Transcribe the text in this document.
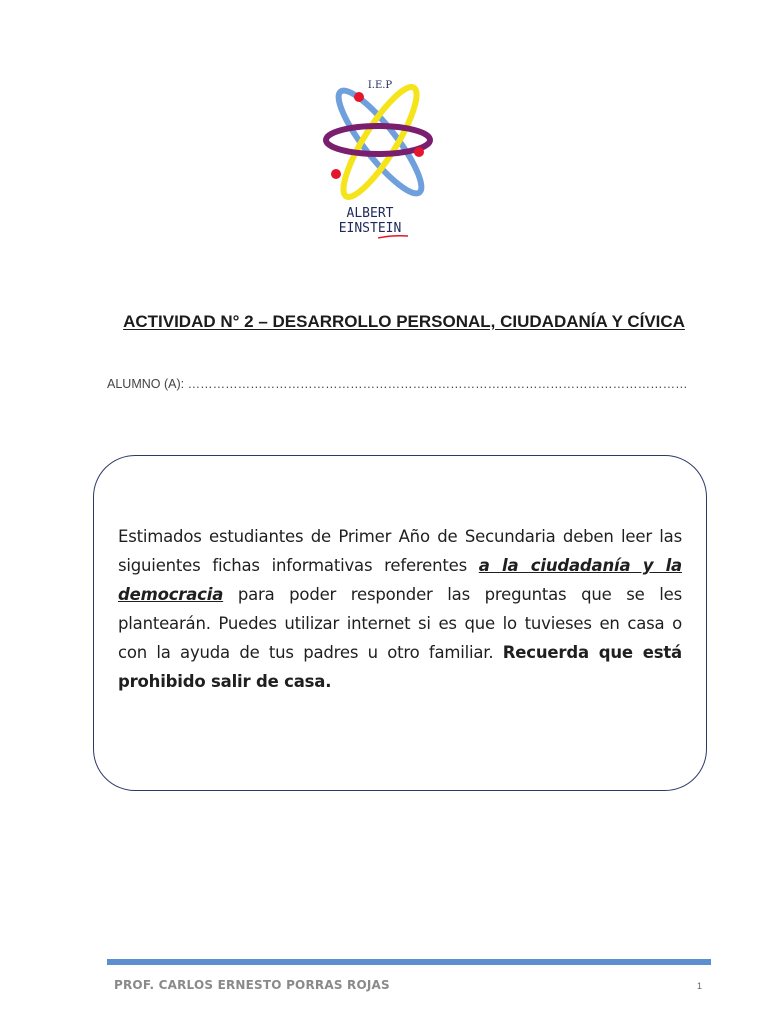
I.E.P
ALBERT
EINSTEIN
ACTIVIDAD N° 2 – DESARROLLO PERSONAL, CIUDADANÍA Y CÍVICA
ALUMNO (A): …………………………………………………………………………………………………………
Estimados estudiantes de Primer Año de Secundaria deben leer las siguientes fichas informativas referentes a la ciudadanía y la democracia para poder responder las preguntas que se les plantearán. Puedes utilizar internet si es que lo tuvieses en casa o con la ayuda de tus padres u otro familiar. Recuerda que está prohibido salir de casa.
PROF. CARLOS ERNESTO PORRAS ROJAS	1
